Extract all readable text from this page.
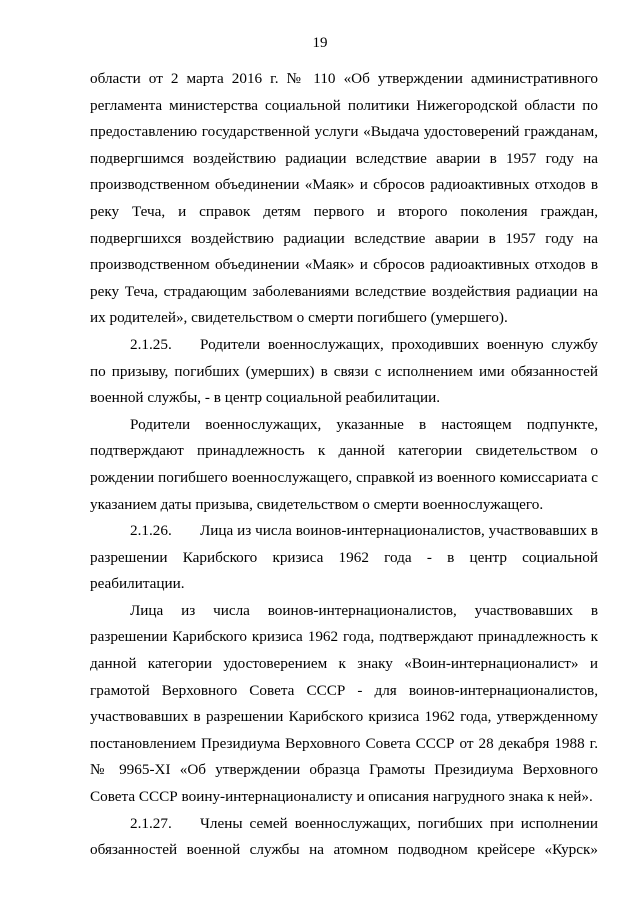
19

области от 2 марта 2016 г. № 110 «Об утверждении административного регламента министерства социальной политики Нижегородской области по предоставлению государственной услуги «Выдача удостоверений гражданам, подвергшимся воздействию радиации вследствие аварии в 1957 году на производственном объединении «Маяк» и сбросов радиоактивных отходов в реку Теча, и справок детям первого и второго поколения граждан, подвергшихся воздействию радиации вследствие аварии в 1957 году на производственном объединении «Маяк» и сбросов радиоактивных отходов в реку Теча, страдающим заболеваниями вследствие воздействия радиации на их родителей», свидетельством о смерти погибшего (умершего).

2.1.25. Родители военнослужащих, проходивших военную службу по призыву, погибших (умерших) в связи с исполнением ими обязанностей военной службы, - в центр социальной реабилитации.

Родители военнослужащих, указанные в настоящем подпункте, подтверждают принадлежность к данной категории свидетельством о рождении погибшего военнослужащего, справкой из военного комиссариата с указанием даты призыва, свидетельством о смерти военнослужащего.

2.1.26. Лица из числа воинов-интернационалистов, участвовавших в разрешении Карибского кризиса 1962 года - в центр социальной реабилитации.

Лица из числа воинов-интернационалистов, участвовавших в разрешении Карибского кризиса 1962 года, подтверждают принадлежность к данной категории удостоверением к знаку «Воин-интернационалист» и грамотой Верховного Совета СССР - для воинов-интернационалистов, участвовавших в разрешении Карибского кризиса 1962 года, утвержденному постановлением Президиума Верховного Совета СССР от 28 декабря 1988 г. № 9965-XI «Об утверждении образца Грамоты Президиума Верховного Совета СССР воину-интернационалисту и описания нагрудного знака к ней».

2.1.27. Члены семей военнослужащих, погибших при исполнении обязанностей военной службы на атомном подводном крейсере «Курск»
